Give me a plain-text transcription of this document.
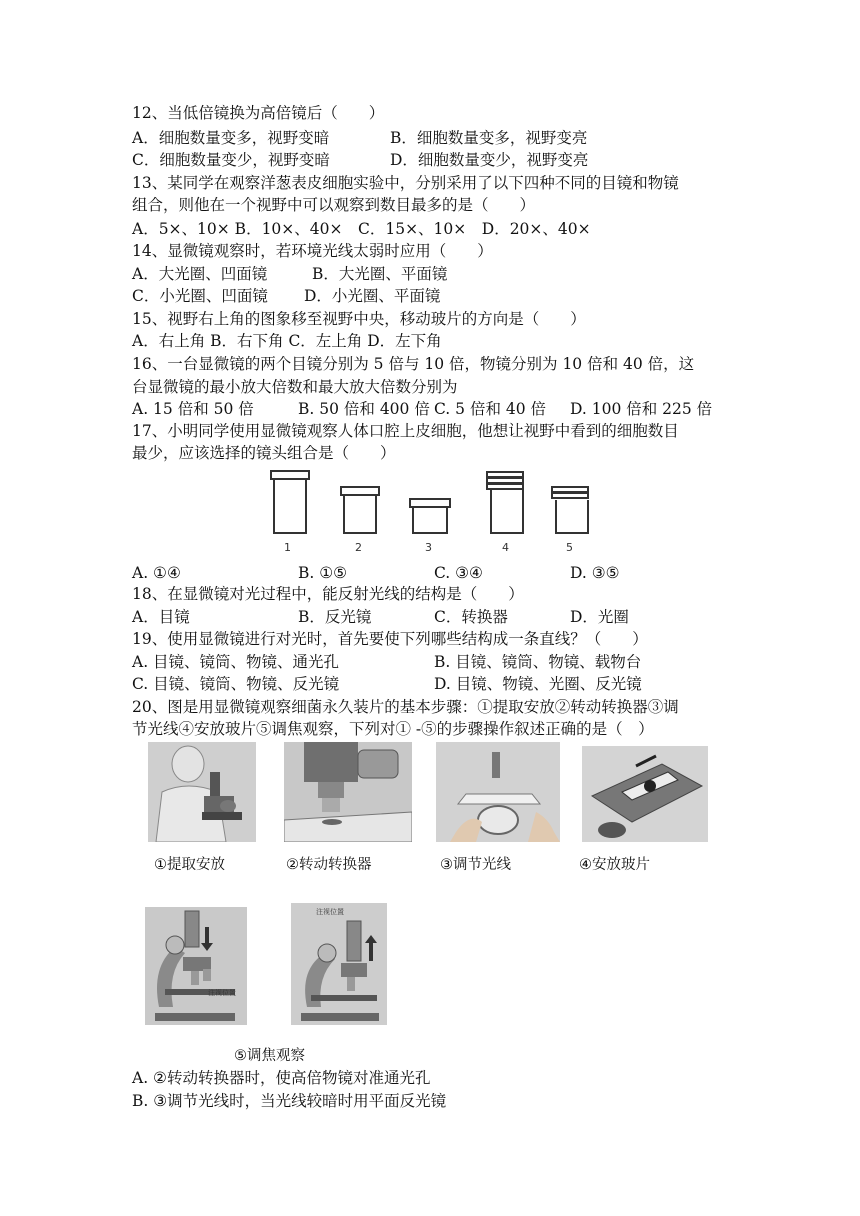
12、当低倍镜换为高倍镜后（　　）
A．细胞数量变多，视野变暗	B．细胞数量变多，视野变亮
C．细胞数量变少，视野变暗	D．细胞数量变少，视野变亮
13、某同学在观察洋葱表皮细胞实验中，分别采用了以下四种不同的目镜和物镜
组合，则他在一个视野中可以观察到数目最多的是（　　）
A．5×、10× B．10×、40×　C．15×、10×　D．20×、40×
14、显微镜观察时，若环境光线太弱时应用（　　）
A．大光圈、凹面镜	B．大光圈、平面镜
C．小光圈、凹面镜 D．小光圈、平面镜
15、视野右上角的图象移至视野中央，移动玻片的方向是（　　）
A．右上角 B．右下角 C．左上角 D．左下角
16、一台显微镜的两个目镜分别为 5 倍与 10 倍，物镜分别为 10 倍和 40 倍，这
台显微镜的最小放大倍数和最大放大倍数分别为
A. 15 倍和 50 倍	B. 50 倍和 400 倍 C. 5 倍和 40 倍 D. 100 倍和 225 倍
17、小明同学使用显微镜观察人体口腔上皮细胞，他想让视野中看到的细胞数目
最少，应该选择的镜头组合是（　　）
1	2	3	4	5
A. ①④	B. ①⑤	C. ③④	D. ③⑤
18、在显微镜对光过程中，能反射光线的结构是（　　）
A．目镜	B．反光镜	C．转换器	D．光圈
19、使用显微镜进行对光时，首先要使下列哪些结构成一条直线？（　　）
A. 目镜、镜筒、物镜、通光孔	B. 目镜、镜筒、物镜、载物台
C. 目镜、镜筒、物镜、反光镜	D. 目镜、物镜、光圈、反光镜
20、图是用显微镜观察细菌永久装片的基本步骤：①提取安放②转动转换器③调
节光线④安放玻片⑤调焦观察，下列对① -⑤的步骤操作叙述正确的是（　）
①提取安放	②转动转换器	③调节光线	④安放玻片
注视位置
注视位置
⑤调焦观察
A. ②转动转换器时，使高倍物镜对准通光孔
B. ③调节光线时，当光线较暗时用平面反光镜
